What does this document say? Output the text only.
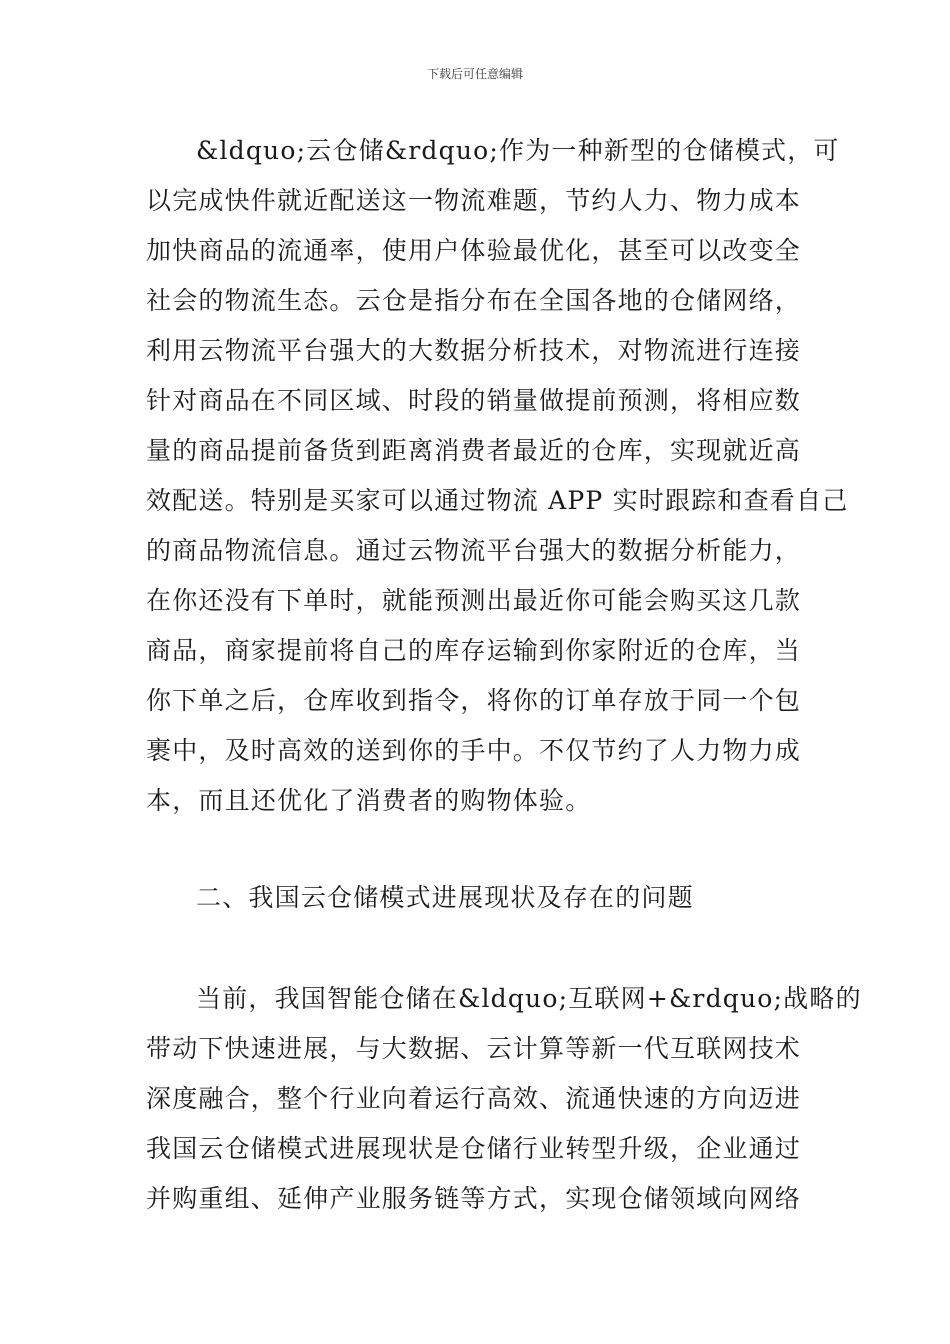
下载后可任意编辑
&ldquo;云仓储&rdquo;作为一种新型的仓储模式，可
以完成快件就近配送这一物流难题，节约人力、物力成本
加快商品的流通率，使用户体验最优化，甚至可以改变全
社会的物流生态。云仓是指分布在全国各地的仓储网络，
利用云物流平台强大的大数据分析技术，对物流进行连接
针对商品在不同区域、时段的销量做提前预测，将相应数
量的商品提前备货到距离消费者最近的仓库，实现就近高
效配送。特别是买家可以通过物流 APP 实时跟踪和查看自己
的商品物流信息。通过云物流平台强大的数据分析能力，
在你还没有下单时，就能预测出最近你可能会购买这几款
商品，商家提前将自己的库存运输到你家附近的仓库，当
你下单之后，仓库收到指令，将你的订单存放于同一个包
裹中，及时高效的送到你的手中。不仅节约了人力物力成
本，而且还优化了消费者的购物体验。
二、我国云仓储模式进展现状及存在的问题
当前，我国智能仓储在&ldquo;互联网+&rdquo;战略的
带动下快速进展，与大数据、云计算等新一代互联网技术
深度融合，整个行业向着运行高效、流通快速的方向迈进
我国云仓储模式进展现状是仓储行业转型升级，企业通过
并购重组、延伸产业服务链等方式，实现仓储领域向网络
